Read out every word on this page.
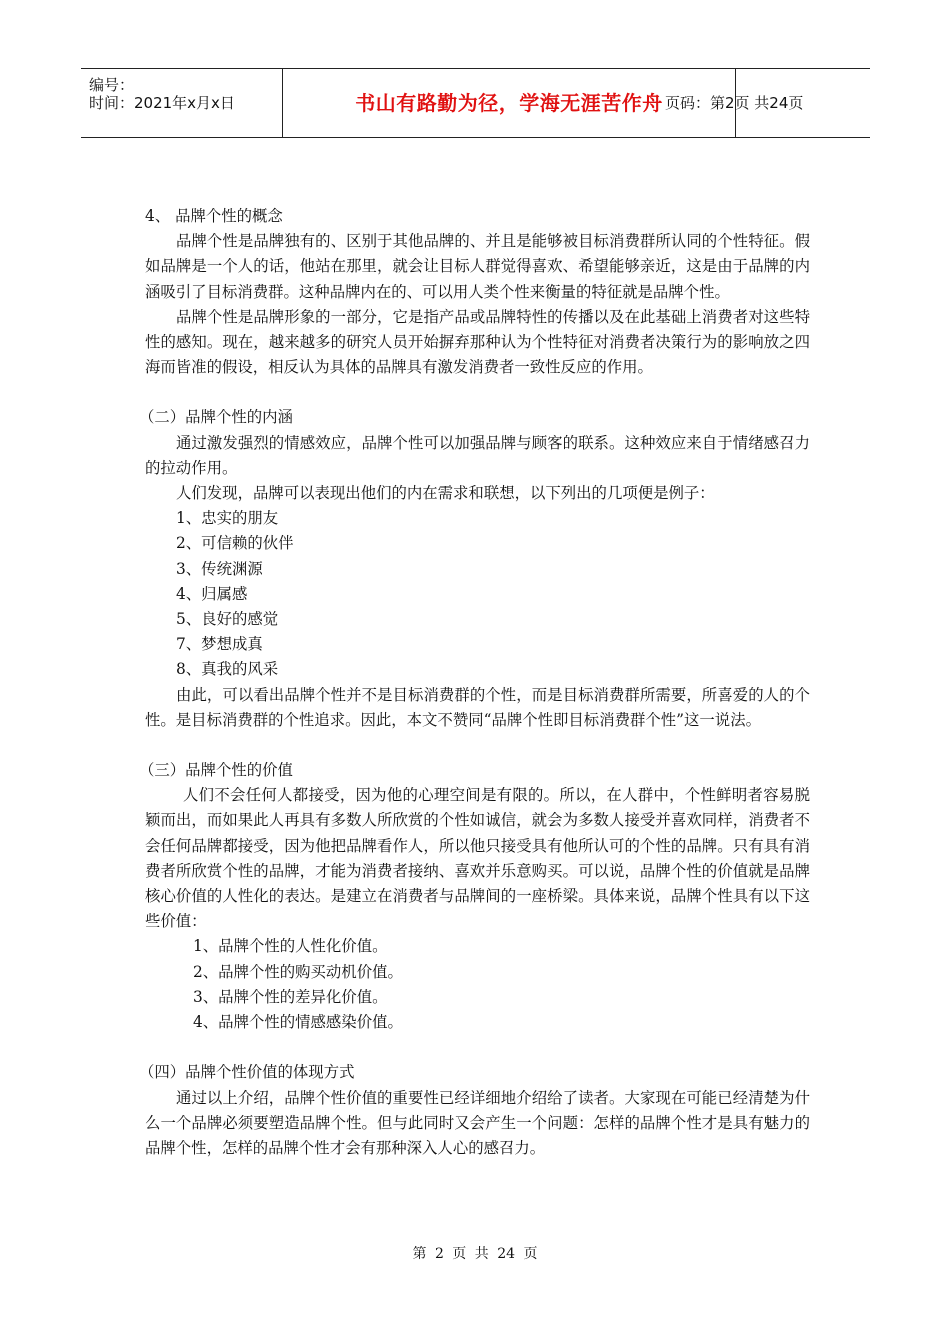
编号：
时间：2021年x月x日	书山有路勤为径，学海无涯苦作舟 页码：第2页 共24页

4、 品牌个性的概念

品牌个性是品牌独有的、区别于其他品牌的、并且是能够被目标消费群所认同的个性特征。假如品牌是一个人的话，他站在那里，就会让目标人群觉得喜欢、希望能够亲近，这是由于品牌的内涵吸引了目标消费群。这种品牌内在的、可以用人类个性来衡量的特征就是品牌个性。

品牌个性是品牌形象的一部分，它是指产品或品牌特性的传播以及在此基础上消费者对这些特性的感知。现在，越来越多的研究人员开始摒弃那种认为个性特征对消费者决策行为的影响放之四海而皆准的假设，相反认为具体的品牌具有激发消费者一致性反应的作用。

（二）品牌个性的内涵

通过激发强烈的情感效应，品牌个性可以加强品牌与顾客的联系。这种效应来自于情绪感召力的拉动作用。

人们发现，品牌可以表现出他们的内在需求和联想，以下列出的几项便是例子：

1、忠实的朋友

2、可信赖的伙伴

3、传统渊源

4、归属感

5、良好的感觉

7、梦想成真

8、真我的风采

由此，可以看出品牌个性并不是目标消费群的个性，而是目标消费群所需要，所喜爱的人的个性。是目标消费群的个性追求。因此，本文不赞同“品牌个性即目标消费群个性”这一说法。

（三）品牌个性的价值

人们不会任何人都接受，因为他的心理空间是有限的。所以，在人群中，个性鲜明者容易脱颖而出，而如果此人再具有多数人所欣赏的个性如诚信，就会为多数人接受并喜欢同样，消费者不会任何品牌都接受，因为他把品牌看作人，所以他只接受具有他所认可的个性的品牌。只有具有消费者所欣赏个性的品牌，才能为消费者接纳、喜欢并乐意购买。可以说，品牌个性的价值就是品牌核心价值的人性化的表达。是建立在消费者与品牌间的一座桥梁。具体来说，品牌个性具有以下这些价值：

1、品牌个性的人性化价值。

2、品牌个性的购买动机价值。

3、品牌个性的差异化价值。

4、品牌个性的情感感染价值。

（四）品牌个性价值的体现方式

通过以上介绍，品牌个性价值的重要性已经详细地介绍给了读者。大家现在可能已经清楚为什么一个品牌必须要塑造品牌个性。但与此同时又会产生一个问题：怎样的品牌个性才是具有魅力的品牌个性，怎样的品牌个性才会有那种深入人心的感召力。

第 2 页 共 24 页
